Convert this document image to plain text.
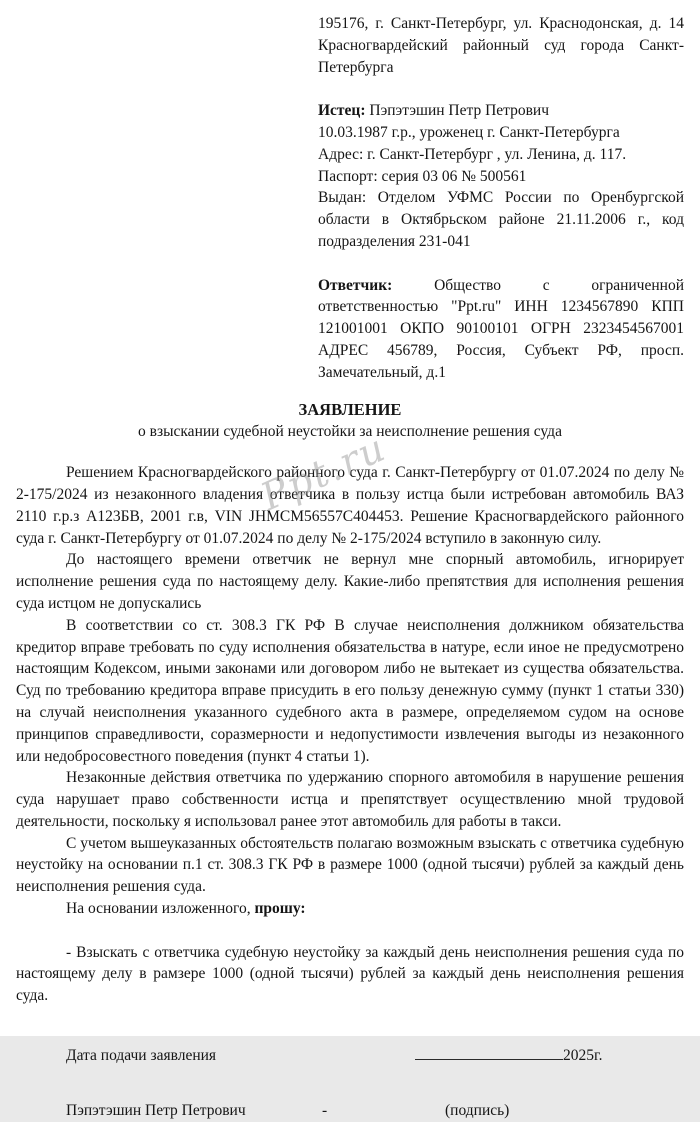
Ppt.ru

195176, г. Санкт-Петербург, ул. Краснодонская, д. 14 Красногвардейский районный суд города Санкт-Петербурга

Истец: Пэпэтэшин Петр Петрович

10.03.1987 г.р., уроженец г. Санкт-Петербурга

Адрес: г. Санкт-Петербург , ул. Ленина, д. 117.

Паспорт: серия 03 06 № 500561

Выдан: Отделом УФМС России по Оренбургской области в Октябрьском районе 21.11.2006 г., код подразделения 231-041

Ответчик: Общество с ограниченной ответственностью "Ppt.ru" ИНН 1234567890 КПП 121001001 ОКПО 90100101 ОГРН 2323454567001 АДРЕС 456789, Россия, Субъект РФ, просп. Замечательный, д.1

ЗАЯВЛЕНИЕ
о взыскании судебной неустойки за неисполнение решения суда

Решением Красногвардейского районного суда г. Санкт-Петербургу от 01.07.2024 по делу № 2-175/2024 из незаконного владения ответчика в пользу истца были истребован автомобиль ВАЗ 2110 г.р.з А123БВ, 2001 г.в, VIN JHMCM56557C404453. Решение Красногвардейского районного суда г. Санкт-Петербургу от 01.07.2024 по делу № 2-175/2024 вступило в законную силу.

До настоящего времени ответчик не вернул мне спорный автомобиль, игнорирует исполнение решения суда по настоящему делу. Какие-либо препятствия для исполнения решения суда истцом не допускались

В соответствии со ст. 308.3 ГК РФ В случае неисполнения должником обязательства кредитор вправе требовать по суду исполнения обязательства в натуре, если иное не предусмотрено настоящим Кодексом, иными законами или договором либо не вытекает из существа обязательства. Суд по требованию кредитора вправе присудить в его пользу денежную сумму (пункт 1 статьи 330) на случай неисполнения указанного судебного акта в размере, определяемом судом на основе принципов справедливости, соразмерности и недопустимости извлечения выгоды из незаконного или недобросовестного поведения (пункт 4 статьи 1).

Незаконные действия ответчика по удержанию спорного автомобиля в нарушение решения суда нарушает право собственности истца и препятствует осуществлению мной трудовой деятельности, поскольку я использовал ранее этот автомобиль для работы в такси.

С учетом вышеуказанных обстоятельств полагаю возможным взыскать с ответчика судебную неустойку на основании п.1 ст. 308.3 ГК РФ в размере 1000 (одной тысячи) рублей за каждый день неисполнения решения суда.

На основании изложенного, прошу:

- Взыскать с ответчика судебную неустойку за каждый день неисполнения решения суда по настоящему делу в рамзере 1000 (одной тысячи) рублей за каждый день неисполнения решения суда.

Дата подачи заявления	2025г.
Пэпэтэшин Петр Петрович	-	(подпись)
